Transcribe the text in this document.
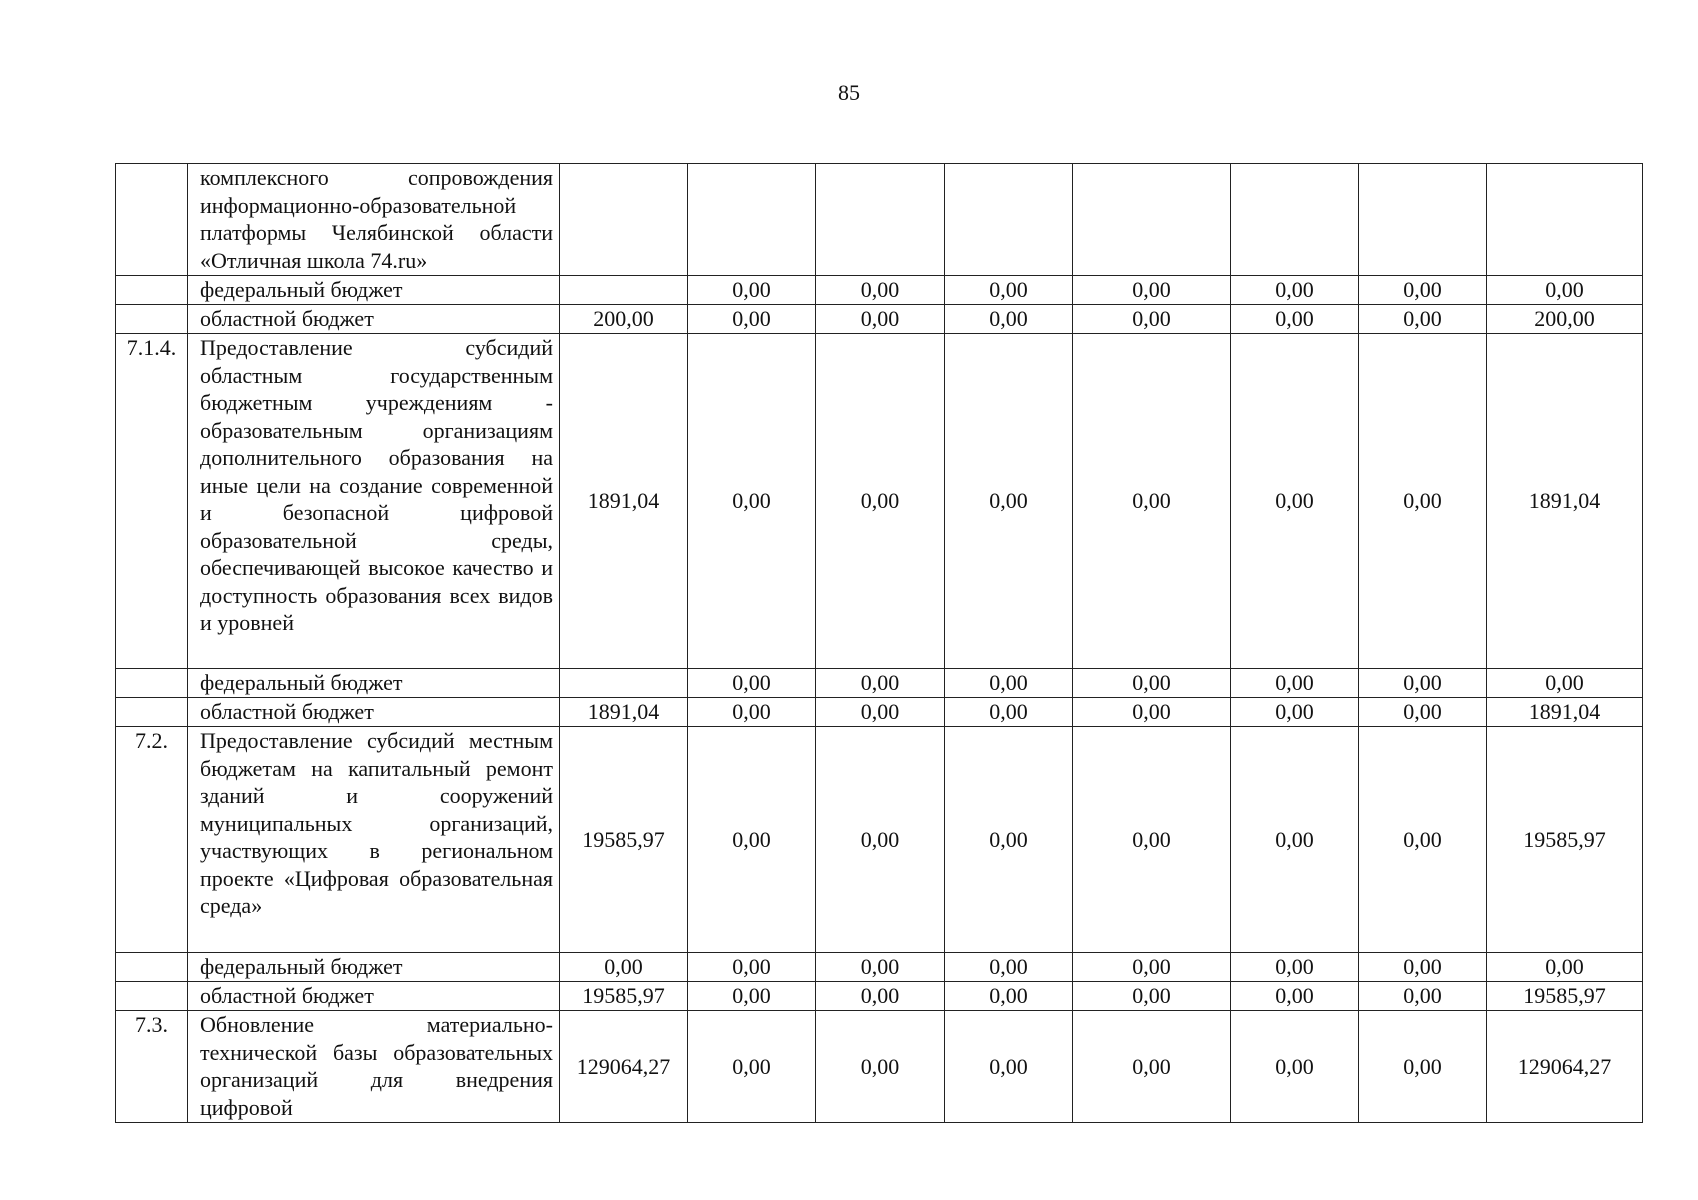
85
	комплексного сопровождения информационно-образовательной платформы Челябинской области «Отличная школа 74.ru»								
	федеральный бюджет		0,00	0,00	0,00	0,00	0,00	0,00	0,00
	областной бюджет	200,00	0,00	0,00	0,00	0,00	0,00	0,00	200,00
7.1.4.	Предоставление субсидий областным государственным бюджетным учреждениям - образовательным организациям дополнительного образования на иные цели на создание современной и безопасной цифровой образовательной среды, обеспечивающей высокое качество и доступность образования всех видов и уровней	1891,04	0,00	0,00	0,00	0,00	0,00	0,00	1891,04
	федеральный бюджет		0,00	0,00	0,00	0,00	0,00	0,00	0,00
	областной бюджет	1891,04	0,00	0,00	0,00	0,00	0,00	0,00	1891,04
7.2.	Предоставление субсидий местным бюджетам на капитальный ремонт зданий и сооружений муниципальных организаций, участвующих в региональном проекте «Цифровая образовательная среда»	19585,97	0,00	0,00	0,00	0,00	0,00	0,00	19585,97
	федеральный бюджет	0,00	0,00	0,00	0,00	0,00	0,00	0,00	0,00
	областной бюджет	19585,97	0,00	0,00	0,00	0,00	0,00	0,00	19585,97
7.3.	Обновление материально-технической базы образовательных организаций для внедрения цифровой	129064,27	0,00	0,00	0,00	0,00	0,00	0,00	129064,27
